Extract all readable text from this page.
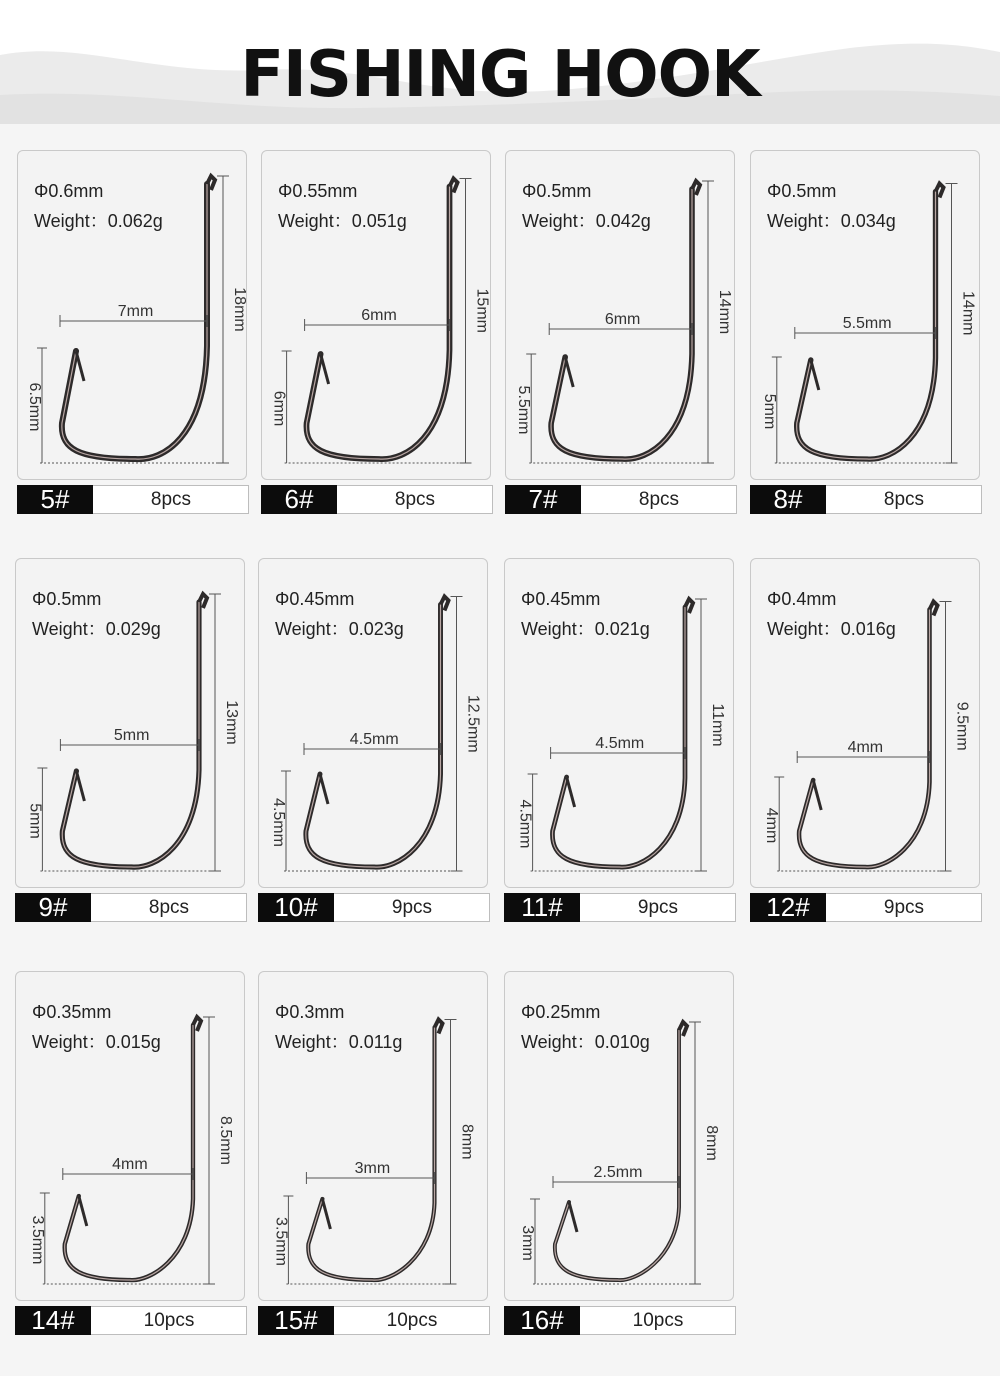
FISHING HOOK
Φ0.6mm
Weight：0.062g
7mm	18mm
6.5mm
5#	8pcs
Φ0.55mm
Weight：0.051g
6mm	15mm
6mm
6#	8pcs
Φ0.5mm
Weight：0.042g
6mm	14mm
5.5mm
7#	8pcs
Φ0.5mm
Weight：0.034g
5.5mm	14mm
5mm
8#	8pcs
Φ0.5mm
Weight：0.029g
5mm	13mm
5mm
9#	8pcs
Φ0.45mm
Weight：0.023g
4.5mm	12.5mm
4.5mm
10#	9pcs
Φ0.45mm
Weight：0.021g
4.5mm	11mm
4.5mm
11#	9pcs
Φ0.4mm
Weight：0.016g
4mm	9.5mm
4mm
12#	9pcs
Φ0.35mm
Weight：0.015g
4mm	8.5mm
3.5mm
14#	10pcs
Φ0.3mm
Weight：0.011g
3mm
8mm
3.5mm
15#	10pcs
Φ0.25mm
Weight：0.010g
2.5mm
8mm
3mm
16#	10pcs
